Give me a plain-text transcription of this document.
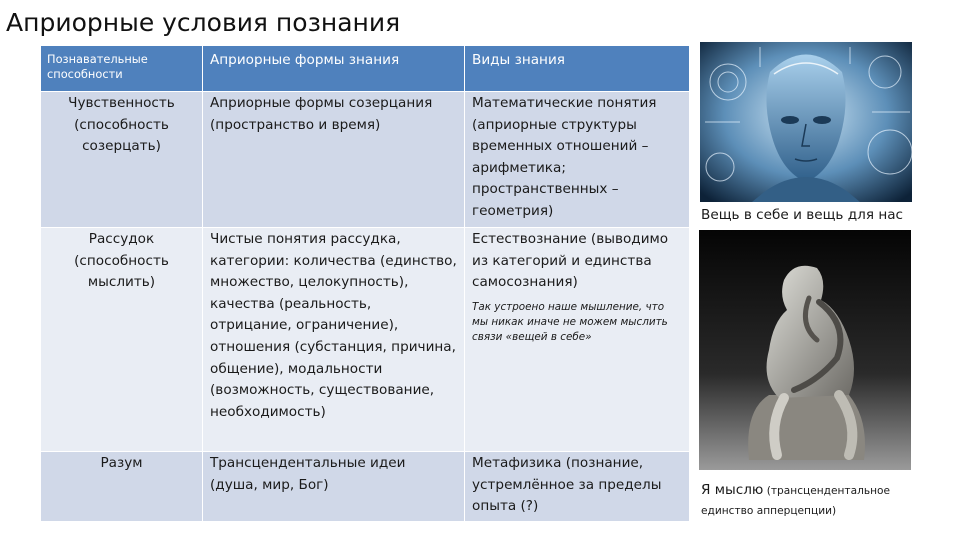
Априорные условия познания
Познавательные способности	Априорные формы знания	Виды знания

Чувственность (способность созерцать)	Априорные формы созерцания (пространство и время)	Математические понятия (априорные структуры временных отношений – арифметика; пространственных – геометрия)
Рассудок (способность мыслить)	Чистые понятия рассудка, категории: количества (единство, множество, целокупность), качества (реальность, отрицание, ограничение), отношения (субстанция, причина, общение), модальности (возможность, существование, необходимость)	Естествознание (выводимо из категорий и единства самосознания)
Так устроено наше мышление, что мы никак иначе не можем мыслить связи «вещей в себе»

Разум	Трансцендентальные идеи (душа, мир, Бог)	Метафизика (познание, устремлённое за пределы опыта (?)
Вещь в себе и вещь для нас
Я мыслю (трансцендентальное единство апперцепции)
